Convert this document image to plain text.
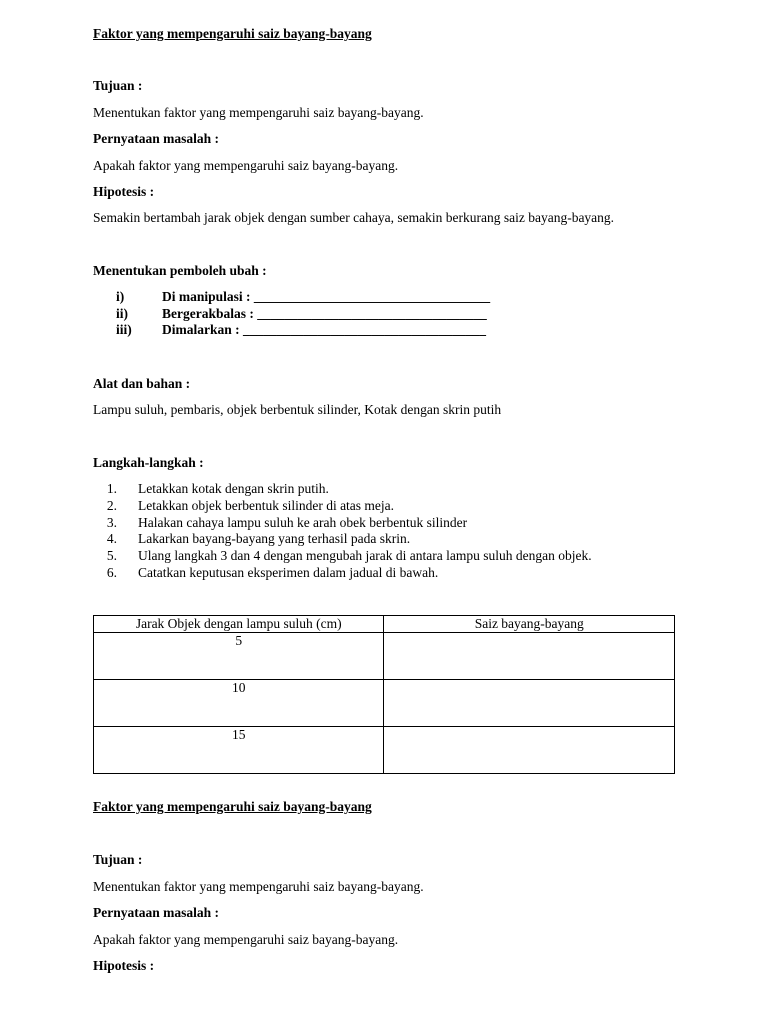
Faktor yang mempengaruhi saiz bayang-bayang
Tujuan :
Menentukan faktor yang mempengaruhi saiz bayang-bayang.
Pernyataan masalah :
Apakah faktor yang mempengaruhi saiz bayang-bayang.
Hipotesis :
Semakin bertambah jarak objek dengan sumber cahaya, semakin berkurang saiz bayang-bayang.
Menentukan pemboleh ubah :
i)	Di manipulasi : ___________________________________
ii)	Bergerakbalas : __________________________________
iii) Dimalarkan : ____________________________________
Alat dan bahan :
Lampu suluh, pembaris, objek berbentuk silinder, Kotak dengan skrin putih
Langkah-langkah :
1. Letakkan kotak dengan skrin putih.
2. Letakkan objek berbentuk silinder di atas meja.
3. Halakan cahaya lampu suluh ke arah obek berbentuk silinder
4. Lakarkan bayang-bayang yang terhasil pada skrin.
5. Ulang langkah 3 dan 4 dengan mengubah jarak di antara lampu suluh dengan objek.
6. Catatkan keputusan eksperimen dalam jadual di bawah.
Jarak Objek dengan lampu suluh (cm)	Saiz bayang-bayang
5	
10	
15	
Faktor yang mempengaruhi saiz bayang-bayang
Tujuan :
Menentukan faktor yang mempengaruhi saiz bayang-bayang.
Pernyataan masalah :
Apakah faktor yang mempengaruhi saiz bayang-bayang.
Hipotesis :
